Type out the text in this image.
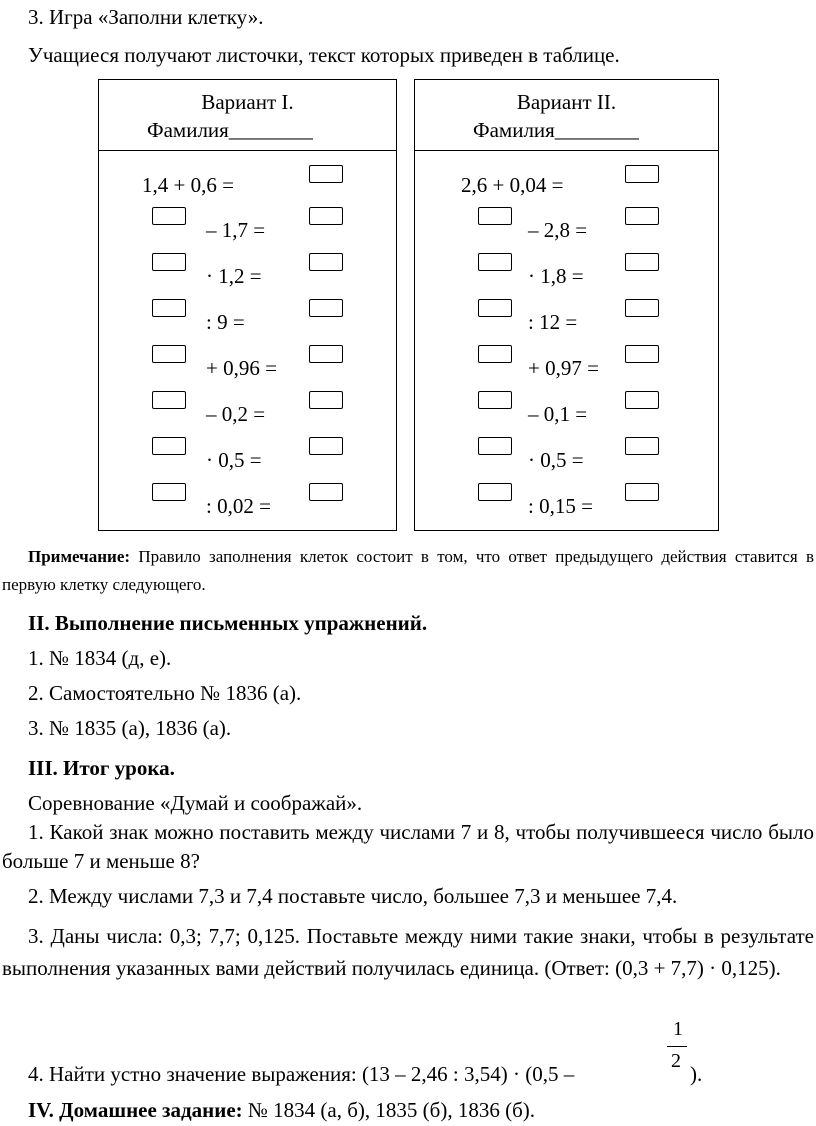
3. Игра «Заполни клетку».
Учащиеся получают листочки, текст которых приведен в таблице.
Вариант I.
Фамилия________
1,4 + 0,6 =
Вариант II.
Фамилия________
2,6 + 0,04 =
– 1,7 =
· 1,2 =
: 9 =
+ 0,96 =
– 0,2 =
· 0,5 =
: 0,02 =
– 2,8 =
· 1,8 =
: 12 =
+ 0,97 =
– 0,1 =
· 0,5 =
: 0,15 =
Примечание: Правило заполнения клеток состоит в том, что ответ предыдущего действия ставится в первую клетку следующего.
II. Выполнение письменных упражнений.
1. № 1834 (д, е).
2. Самостоятельно № 1836 (а).
3. № 1835 (а), 1836 (а).
III. Итог урока.
Соревнование «Думай и соображай».
1. Какой знак можно поставить между числами 7 и 8, чтобы получившееся число было больше 7 и меньше 8?
2. Между числами 7,3 и 7,4 поставьте число, большее 7,3 и меньшее 7,4.
3. Даны числа: 0,3; 7,7; 0,125. Поставьте между ними такие знаки, чтобы в результате выполнения указанных вами действий получилась единица. (Ответ: (0,3 + 7,7) · 0,125).
4. Найти устно значение выражения: (13 – 2,46 : 3,54) · (0,5 –
1
2
).
IV. Домашнее задание: № 1834 (а, б), 1835 (б), 1836 (б).
